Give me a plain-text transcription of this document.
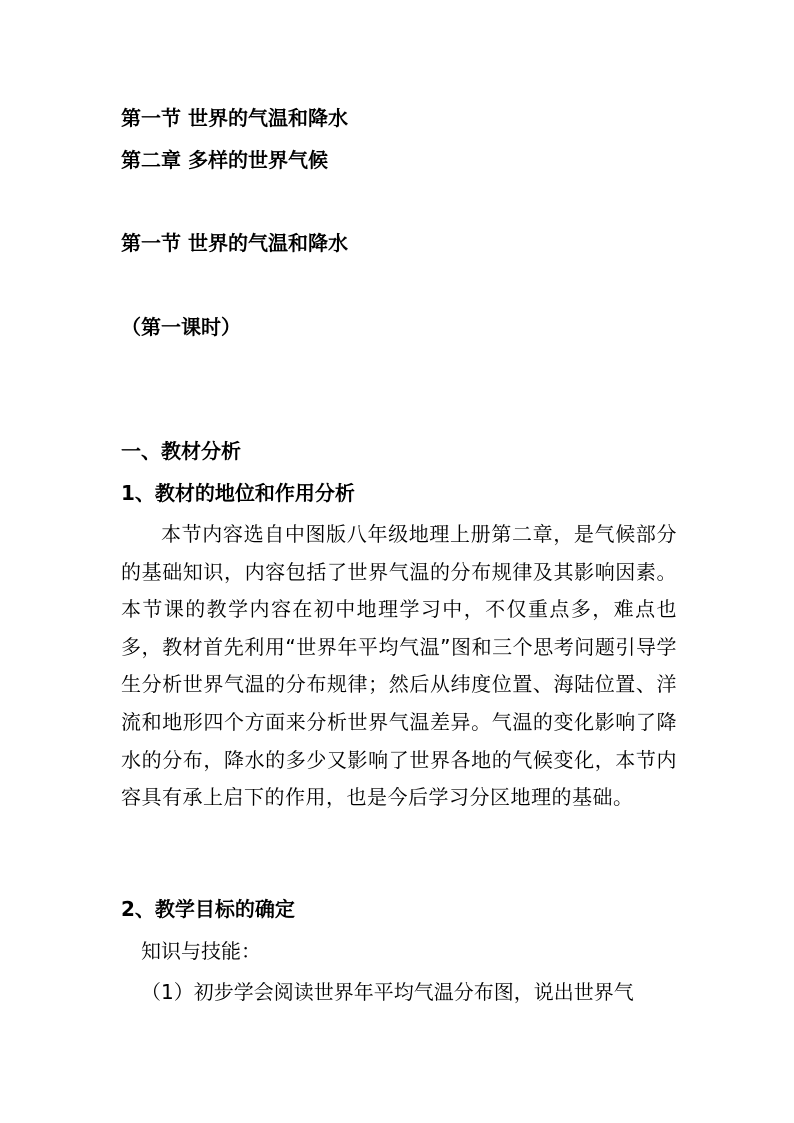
第一节 世界的气温和降水
第二章 多样的世界气候
第一节 世界的气温和降水
（第一课时）
一、教材分析
1、教材的地位和作用分析

本节内容选自中图版八年级地理上册第二章，是气候部分的基础知识，内容包括了世界气温的分布规律及其影响因素。本节课的教学内容在初中地理学习中，不仅重点多，难点也多，教材首先利用“世界年平均气温”图和三个思考问题引导学生分析世界气温的分布规律；然后从纬度位置、海陆位置、洋流和地形四个方面来分析世界气温差异。气温的变化影响了降水的分布，降水的多少又影响了世界各地的气候变化，本节内容具有承上启下的作用，也是今后学习分区地理的基础。

2、教学目标的确定
知识与技能：
（1）初步学会阅读世界年平均气温分布图，说出世界气
